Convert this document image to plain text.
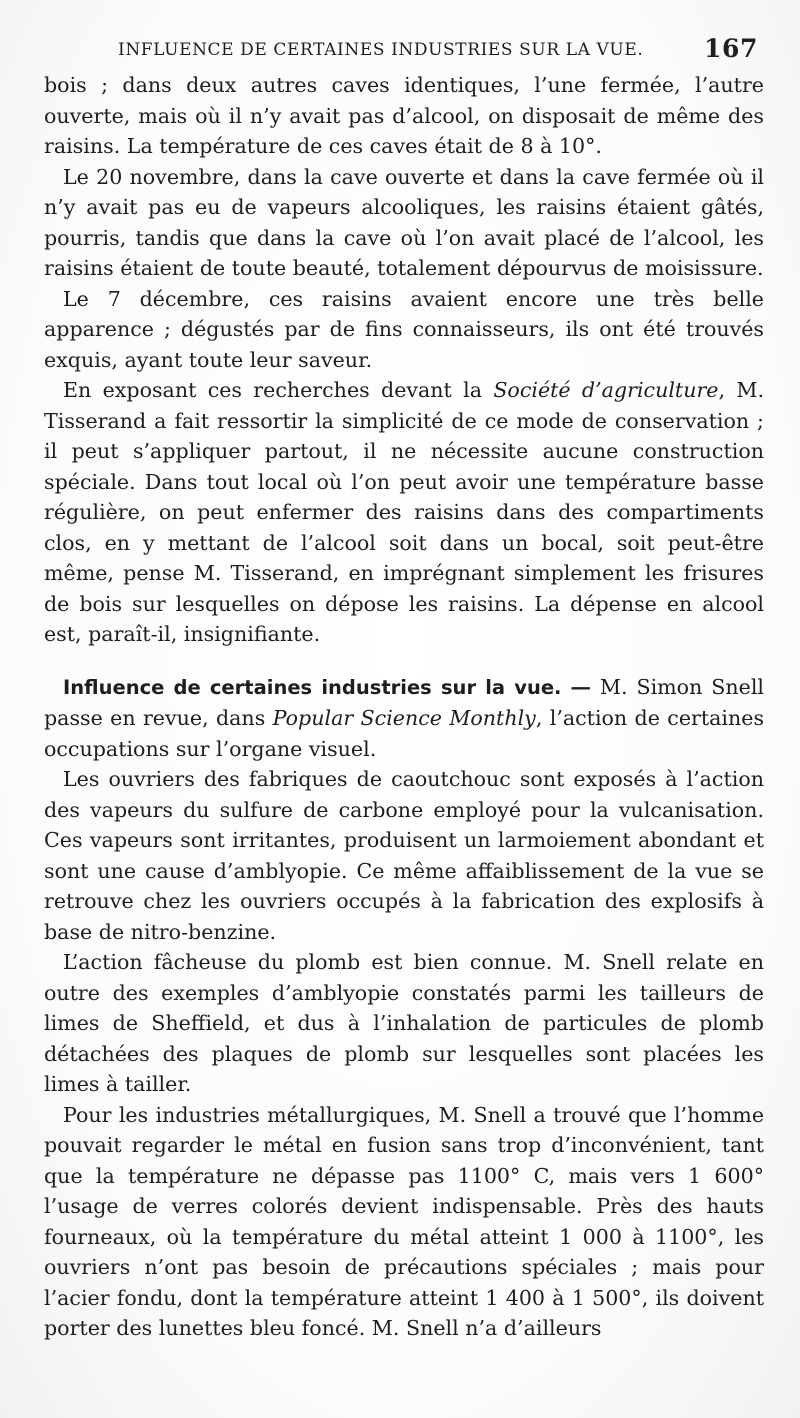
INFLUENCE DE CERTAINES INDUSTRIES SUR LA VUE. 167

bois ; dans deux autres caves identiques, l’une fermée, l’autre ouverte, mais où il n’y avait pas d’alcool, on disposait de même des raisins. La température de ces caves était de 8 à 10°.

Le 20 novembre, dans la cave ouverte et dans la cave fermée où il n’y avait pas eu de vapeurs alcooliques, les raisins étaient gâtés, pourris, tandis que dans la cave où l’on avait placé de l’alcool, les raisins étaient de toute beauté, totalement dépourvus de moisissure.

Le 7 décembre, ces raisins avaient encore une très belle apparence ; dégustés par de fins connaisseurs, ils ont été trouvés exquis, ayant toute leur saveur.

En exposant ces recherches devant la Société d’agriculture, M. Tisserand a fait ressortir la simplicité de ce mode de conservation ; il peut s’appliquer partout, il ne nécessite aucune construction spéciale. Dans tout local où l’on peut avoir une température basse régulière, on peut enfermer des raisins dans des compartiments clos, en y mettant de l’alcool soit dans un bocal, soit peut-être même, pense M. Tisserand, en imprégnant simplement les frisures de bois sur lesquelles on dépose les raisins. La dépense en alcool est, paraît-il, insignifiante.

Influence de certaines industries sur la vue. — M. Simon Snell passe en revue, dans Popular Science Monthly, l’action de certaines occupations sur l’organe visuel.

Les ouvriers des fabriques de caoutchouc sont exposés à l’action des vapeurs du sulfure de carbone employé pour la vulcanisation. Ces vapeurs sont irritantes, produisent un larmoiement abondant et sont une cause d’amblyopie. Ce même affaiblissement de la vue se retrouve chez les ouvriers occupés à la fabrication des explosifs à base de nitro-benzine.

L’action fâcheuse du plomb est bien connue. M. Snell relate en outre des exemples d’amblyopie constatés parmi les tailleurs de limes de Sheffield, et dus à l’inhalation de particules de plomb détachées des plaques de plomb sur lesquelles sont placées les limes à tailler.

Pour les industries métallurgiques, M. Snell a trouvé que l’homme pouvait regarder le métal en fusion sans trop d’inconvénient, tant que la température ne dépasse pas 1100° C, mais vers 1 600° l’usage de verres colorés devient indispensable. Près des hauts fourneaux, où la température du métal atteint 1 000 à 1100°, les ouvriers n’ont pas besoin de précautions spéciales ; mais pour l’acier fondu, dont la température atteint 1 400 à 1 500°, ils doivent porter des lunettes bleu foncé. M. Snell n’a d’ailleurs
